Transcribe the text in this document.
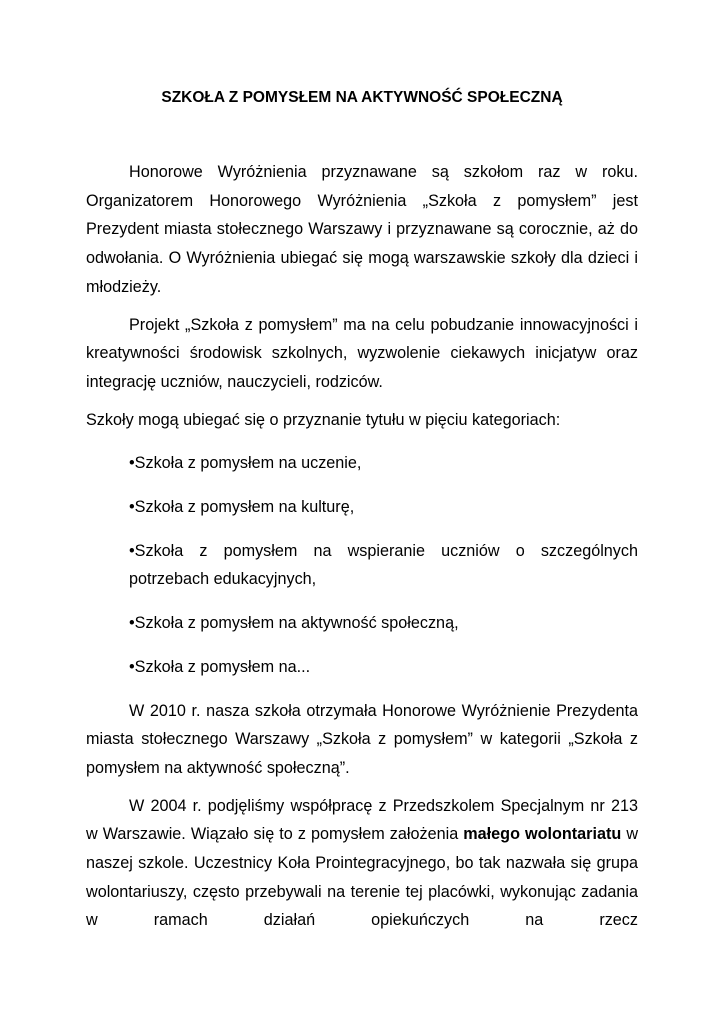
SZKOŁA Z POMYSŁEM NA AKTYWNOŚĆ SPOŁECZNĄ

Honorowe Wyróżnienia przyznawane są szkołom raz w roku. Organizatorem Honorowego Wyróżnienia „Szkoła z pomysłem” jest Prezydent miasta stołecznego Warszawy i przyznawane są corocznie, aż do odwołania. O Wyróżnienia ubiegać się mogą warszawskie szkoły dla dzieci i młodzieży.

Projekt „Szkoła z pomysłem” ma na celu pobudzanie innowacyjności i kreatywności środowisk szkolnych, wyzwolenie ciekawych inicjatyw oraz integrację uczniów, nauczycieli, rodziców.

Szkoły mogą ubiegać się o przyznanie tytułu w pięciu kategoriach:

•Szkoła z pomysłem na uczenie,
•Szkoła z pomysłem na kulturę,
•Szkoła z pomysłem na wspieranie uczniów o szczególnych potrzebach edukacyjnych,
•Szkoła z pomysłem na aktywność społeczną,
•Szkoła z pomysłem na...

W 2010 r. nasza szkoła otrzymała Honorowe Wyróżnienie Prezydenta miasta stołecznego Warszawy „Szkoła z pomysłem” w kategorii „Szkoła z pomysłem na aktywność społeczną”.

W 2004 r. podjęliśmy współpracę z Przedszkolem Specjalnym nr 213 w Warszawie. Wiązało się to z pomysłem założenia małego wolontariatu w naszej szkole. Uczestnicy Koła Prointegracyjnego, bo tak nazwała się grupa wolontariuszy, często przebywali na terenie tej placówki, wykonując zadania w ramach działań opiekuńczych na rzecz
